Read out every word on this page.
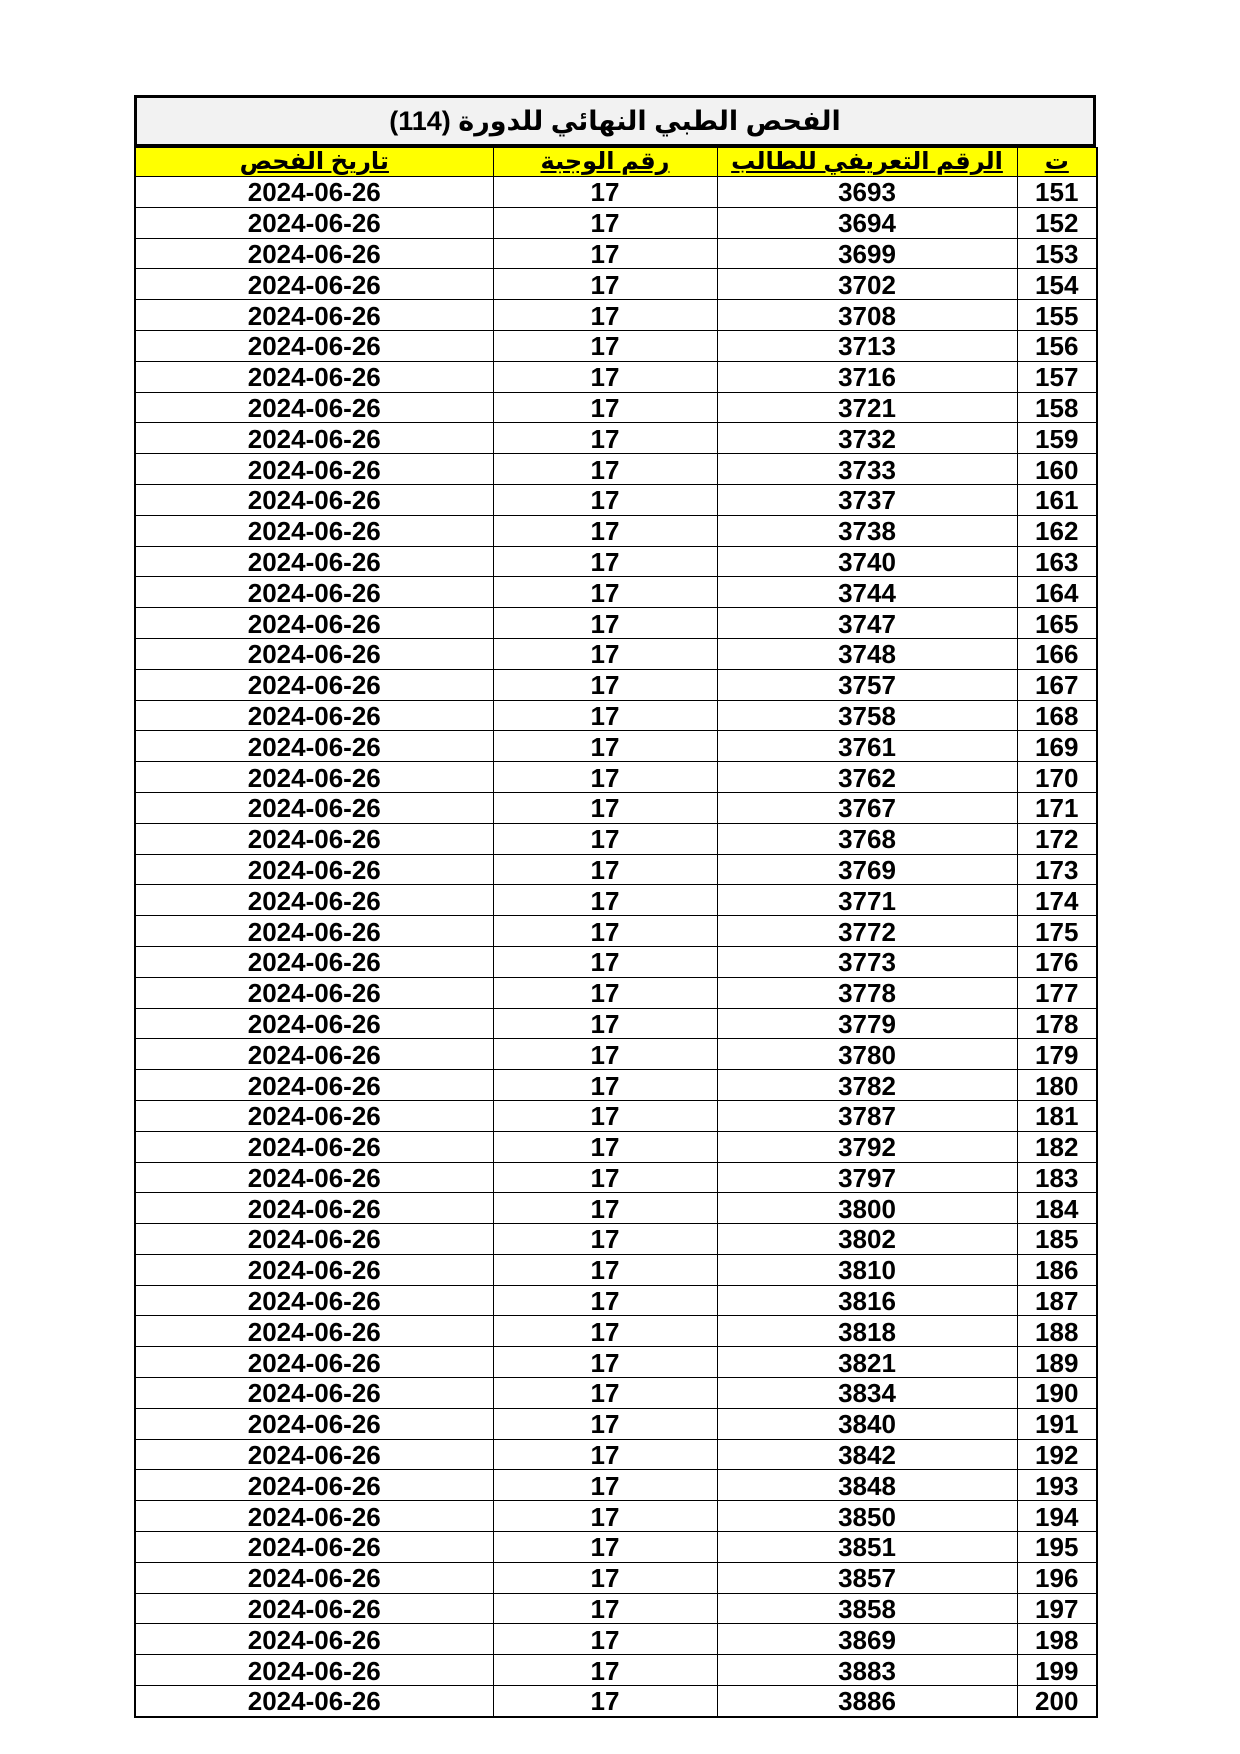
الفحص الطبي النهائي للدورة (114)
ت	الرقم التعريفي للطالب	رقم الوجبة	تاريخ الفحص
151	3693	17	2024-06-26
152	3694	17	2024-06-26
153	3699	17	2024-06-26
154	3702	17	2024-06-26
155	3708	17	2024-06-26
156	3713	17	2024-06-26
157	3716	17	2024-06-26
158	3721	17	2024-06-26
159	3732	17	2024-06-26
160	3733	17	2024-06-26
161	3737	17	2024-06-26
162	3738	17	2024-06-26
163	3740	17	2024-06-26
164	3744	17	2024-06-26
165	3747	17	2024-06-26
166	3748	17	2024-06-26
167	3757	17	2024-06-26
168	3758	17	2024-06-26
169	3761	17	2024-06-26
170	3762	17	2024-06-26
171	3767	17	2024-06-26
172	3768	17	2024-06-26
173	3769	17	2024-06-26
174	3771	17	2024-06-26
175	3772	17	2024-06-26
176	3773	17	2024-06-26
177	3778	17	2024-06-26
178	3779	17	2024-06-26
179	3780	17	2024-06-26
180	3782	17	2024-06-26
181	3787	17	2024-06-26
182	3792	17	2024-06-26
183	3797	17	2024-06-26
184	3800	17	2024-06-26
185	3802	17	2024-06-26
186	3810	17	2024-06-26
187	3816	17	2024-06-26
188	3818	17	2024-06-26
189	3821	17	2024-06-26
190	3834	17	2024-06-26
191	3840	17	2024-06-26
192	3842	17	2024-06-26
193	3848	17	2024-06-26
194	3850	17	2024-06-26
195	3851	17	2024-06-26
196	3857	17	2024-06-26
197	3858	17	2024-06-26
198	3869	17	2024-06-26
199	3883	17	2024-06-26
200	3886	17	2024-06-26
